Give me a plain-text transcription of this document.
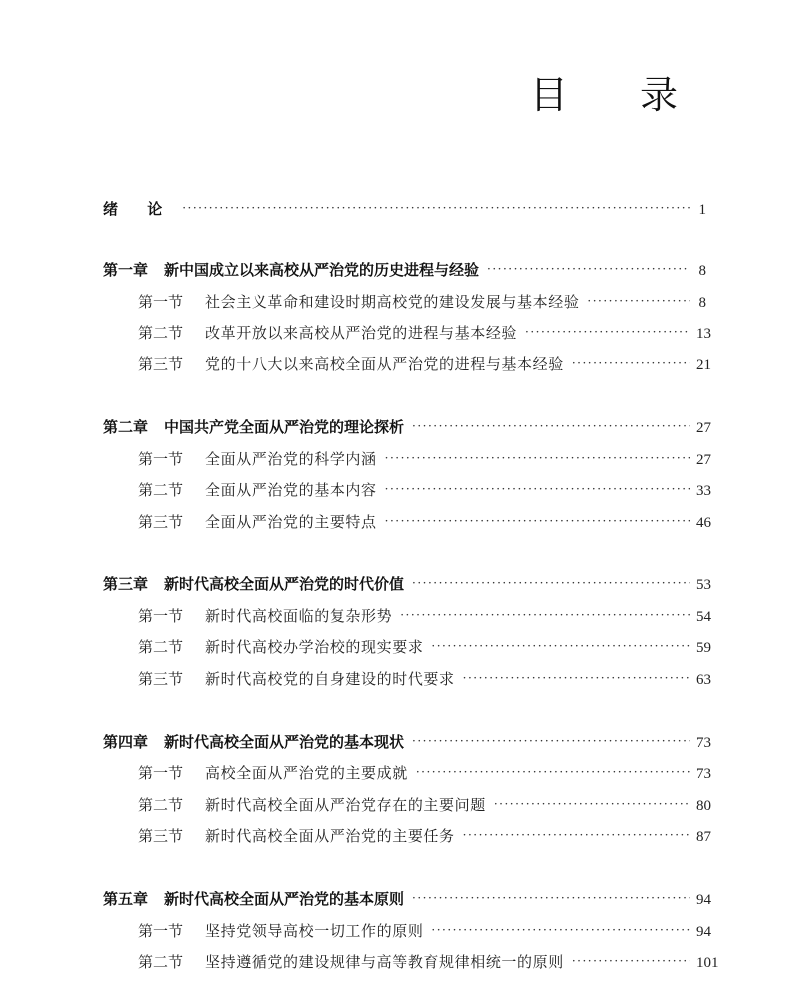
目 录
绪 论 ·····	1
第一章 新中国成立以来高校从严治党的历史进程与经验 ·····	8
第一节 社会主义革命和建设时期高校党的建设发展与基本经验 ·····	8
第二节 改革开放以来高校从严治党的进程与基本经验 ·····	13
第三节 党的十八大以来高校全面从严治党的进程与基本经验 ·····	21
第二章 中国共产党全面从严治党的理论探析 ·····	27
第一节 全面从严治党的科学内涵 ·····	27
第二节 全面从严治党的基本内容 ·····	33
第三节 全面从严治党的主要特点 ·····	46
第三章 新时代高校全面从严治党的时代价值 ·····	53
第一节 新时代高校面临的复杂形势 ·····	54
第二节 新时代高校办学治校的现实要求 ·····	59
第三节 新时代高校党的自身建设的时代要求 ·····	63
第四章 新时代高校全面从严治党的基本现状 ·····	73
第一节 高校全面从严治党的主要成就 ·····	73
第二节 新时代高校全面从严治党存在的主要问题 ·····	80
第三节 新时代高校全面从严治党的主要任务 ·····	87
第五章 新时代高校全面从严治党的基本原则 ·····	94
第一节 坚持党领导高校一切工作的原则 ·····	94
第二节 坚持遵循党的建设规律与高等教育规律相统一的原则 ·····	101
